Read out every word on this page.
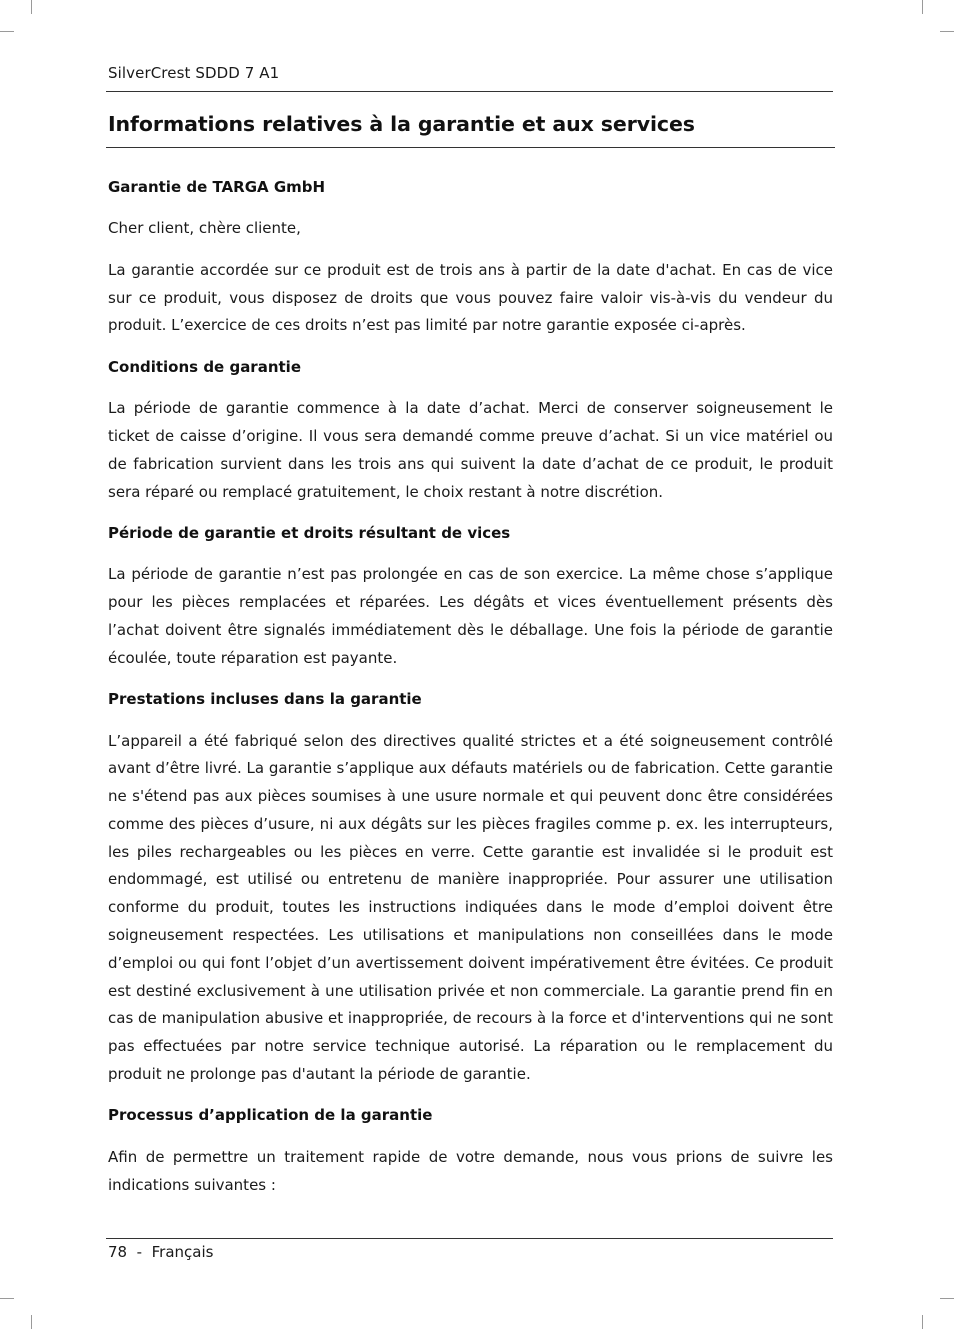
SilverCrest SDDD 7 A1
Informations relatives à la garantie et aux services
Garantie de TARGA GmbH

Cher client, chère cliente,

La garantie accordée sur ce produit est de trois ans à partir de la date d'achat. En cas de vice sur ce produit, vous disposez de droits que vous pouvez faire valoir vis-à-vis du vendeur du produit. L’exercice de ces droits n’est pas limité par notre garantie exposée ci-après.

Conditions de garantie

La période de garantie commence à la date d’achat. Merci de conserver soigneusement le ticket de caisse d’origine. Il vous sera demandé comme preuve d’achat. Si un vice matériel ou de fabrication survient dans les trois ans qui suivent la date d’achat de ce produit, le produit sera réparé ou remplacé gratuitement, le choix restant à notre discrétion.

Période de garantie et droits résultant de vices

La période de garantie n’est pas prolongée en cas de son exercice. La même chose s’applique pour les pièces remplacées et réparées. Les dégâts et vices éventuellement présents dès l’achat doivent être signalés immédiatement dès le déballage. Une fois la période de garantie écoulée, toute réparation est payante.

Prestations incluses dans la garantie

L’appareil a été fabriqué selon des directives qualité strictes et a été soigneusement contrôlé avant d’être livré. La garantie s’applique aux défauts matériels ou de fabrication. Cette garantie ne s'étend pas aux pièces soumises à une usure normale et qui peuvent donc être considérées comme des pièces d’usure, ni aux dégâts sur les pièces fragiles comme p. ex. les interrupteurs, les piles rechargeables ou les pièces en verre. Cette garantie est invalidée si le produit est endommagé, est utilisé ou entretenu de manière inappropriée. Pour assurer une utilisation conforme du produit, toutes les instructions indiquées dans le mode d’emploi doivent être soigneusement respectées. Les utilisations et manipulations non conseillées dans le mode d’emploi ou qui font l’objet d’un avertissement doivent impérativement être évitées. Ce produit est destiné exclusivement à une utilisation privée et non commerciale. La garantie prend fin en cas de manipulation abusive et inappropriée, de recours à la force et d'interventions qui ne sont pas effectuées par notre service technique autorisé. La réparation ou le remplacement du produit ne prolonge pas d'autant la période de garantie.

Processus d’application de la garantie

Afin de permettre un traitement rapide de votre demande, nous vous prions de suivre les indications suivantes :

78 - Français
